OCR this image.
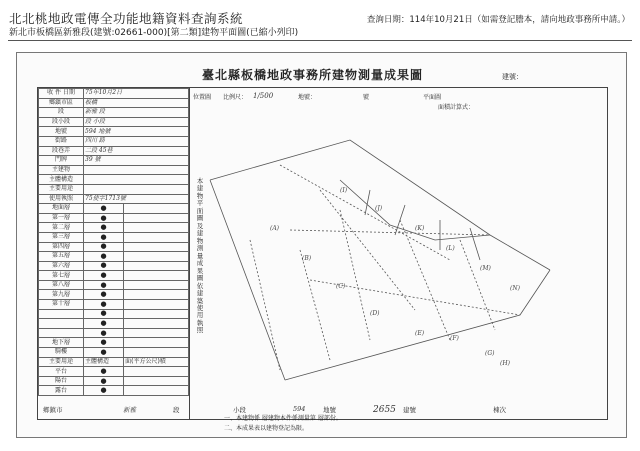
北北桃地政電傳全功能地籍資料查詢系統
新北市板橋區新雅段(建號:02661-000)[第二類]建物平面圖(已縮小列印)
查詢日期：114年10月21日（如需登記謄本，請向地政事務所申請。）
臺北縣板橋地政事務所建物測量成果圖	建號：
收 件 日期	75年10月2日	
鄉鎮市區	板橋	
段	新雅 段	
段小段	段 小段	
地號	594 地號	
街路	四川 路	
段巷弄	二段 45巷	
門牌	39 號	
主建物		
主體構造		
主要用途		
使用執照	75使字1713號	
地面層	●	
第一層	●	
第二層	●	
第三層	●	
第四層	●	
第五層	●	
第六層	●	
第七層	●	
第八層	●	
第九層	●	
第十層	●	
	●	
	●	
	●	
地下層	●	
騎樓	●	
主要用途	主體構造	面(平方公尺)積
平台	●	
陽台	●	
露台	●	
位置圖 比例尺： 1/500	地號：	號	平面圖
面積計算式：
(A)
(B)
(C)
(D)
(I)
(J)
(K)
(L)
(M)
(N)
(E)
(F)
(G)
(H)
本建物平面圖及建物測量成果圖依建築使用執照
一、本建物係 層建物本件係測量第 層部份。
二、本成果表以建物登記為限。
鄉鎮市	新雅	段	小段	594	地號	2655 建號	棟次
